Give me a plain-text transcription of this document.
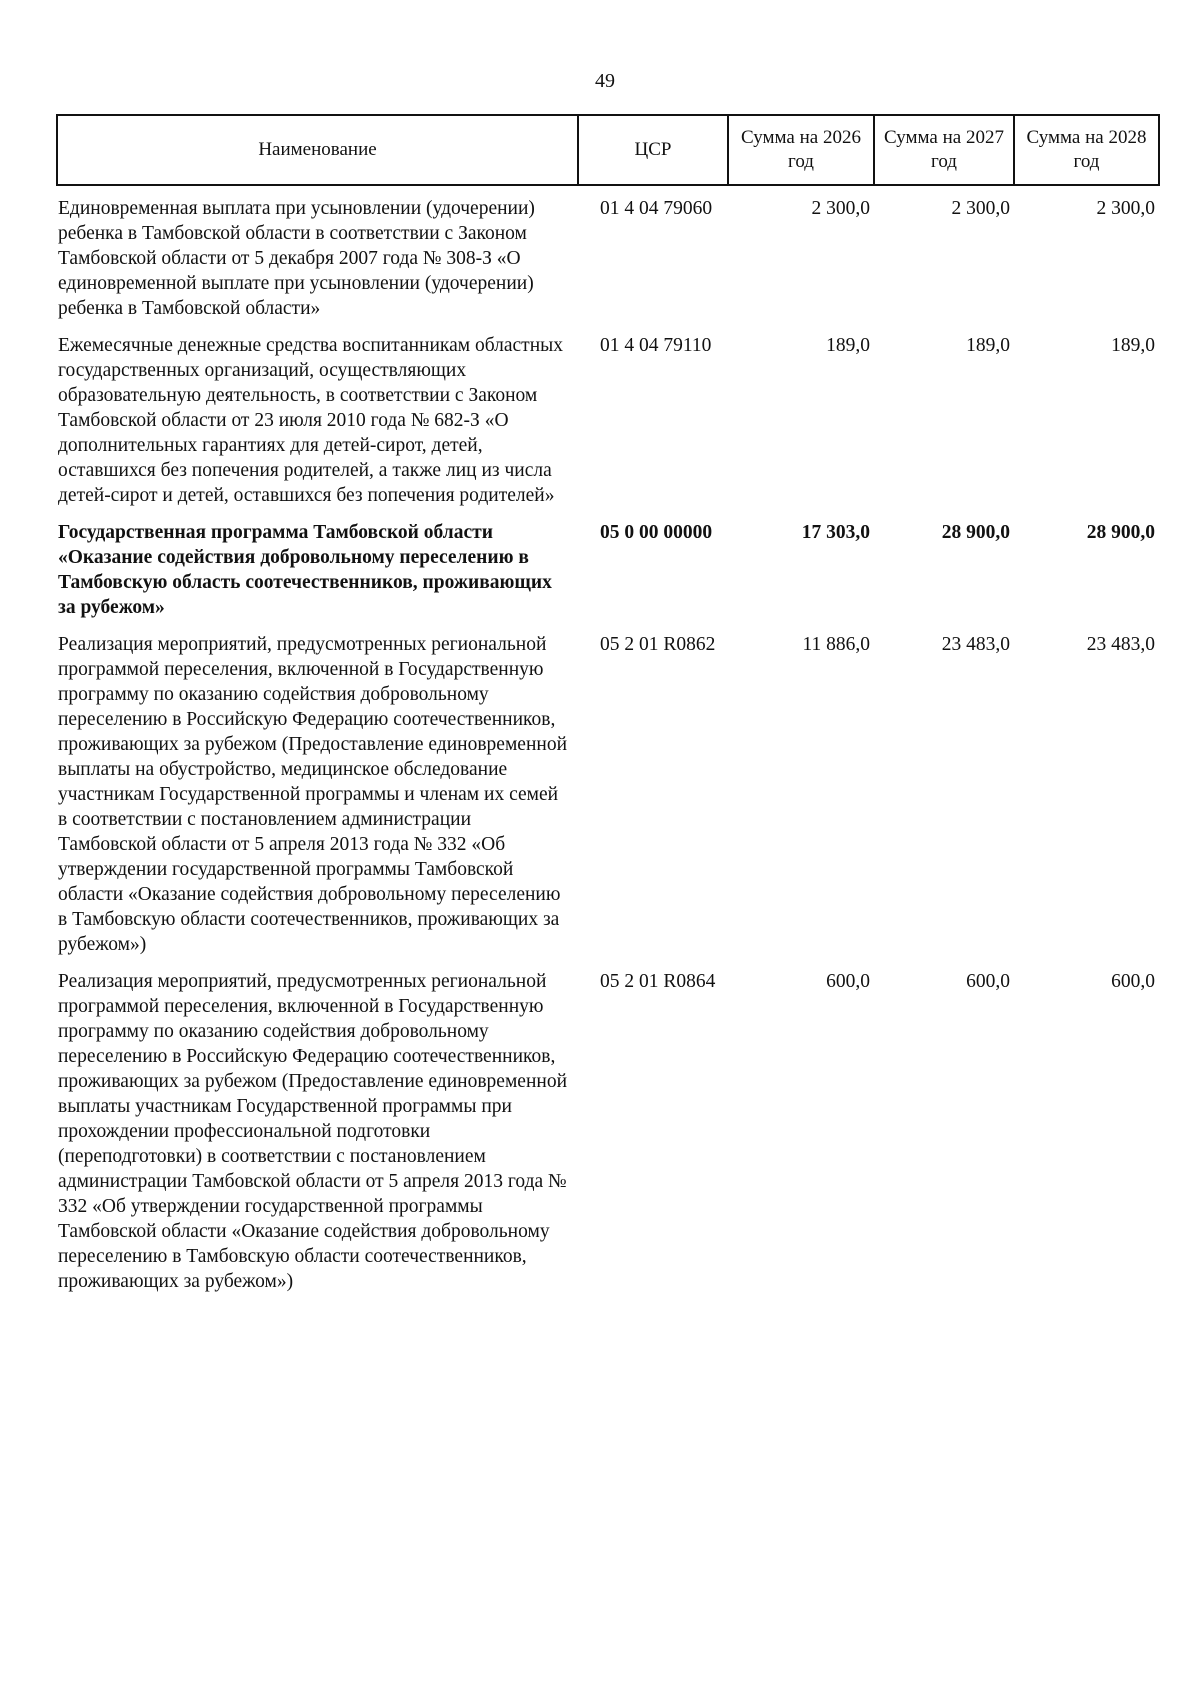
49
Наименование	ЦСР	Сумма на 2026 год	Сумма на 2027 год	Сумма на 2028 год
Единовременная выплата при усыновлении (удочерении) ребенка в Тамбовской области в соответствии с Законом Тамбовской области от 5 декабря 2007 года № 308-З «О единовременной выплате при усыновлении (удочерении) ребенка в Тамбовской области»	01 4 04 79060	2 300,0	2 300,0	2 300,0
Ежемесячные денежные средства воспитанникам областных государственных организаций, осуществляющих образовательную деятельность, в соответствии с Законом Тамбовской области от 23 июля 2010 года № 682-З «О дополнительных гарантиях для детей-сирот, детей, оставшихся без попечения родителей, а также лиц из числа детей-сирот и детей, оставшихся без попечения родителей»	01 4 04 79110	189,0	189,0	189,0
Государственная программа Тамбовской области «Оказание содействия добровольному переселению в Тамбовскую область соотечественников, проживающих за рубежом»	05 0 00 00000	17 303,0	28 900,0	28 900,0
Реализация мероприятий, предусмотренных региональной программой переселения, включенной в Государственную программу по оказанию содействия добровольному переселению в Российскую Федерацию соотечественников, проживающих за рубежом (Предоставление единовременной выплаты на обустройство, медицинское обследование участникам Государственной программы и членам их семей в соответствии с постановлением администрации Тамбовской области от 5 апреля 2013 года № 332 «Об утверждении государственной программы Тамбовской области «Оказание содействия добровольному переселению в Тамбовскую области соотечественников, проживающих за рубежом»)	05 2 01 R0862	11 886,0	23 483,0	23 483,0
Реализация мероприятий, предусмотренных региональной программой переселения, включенной в Государственную программу по оказанию содействия добровольному переселению в Российскую Федерацию соотечественников, проживающих за рубежом (Предоставление единовременной выплаты участникам Государственной программы при прохождении профессиональной подготовки (переподготовки) в соответствии с постановлением администрации Тамбовской области от 5 апреля 2013 года № 332 «Об утверждении государственной программы Тамбовской области «Оказание содействия добровольному переселению в Тамбовскую области соотечественников, проживающих за рубежом»)	05 2 01 R0864	600,0	600,0	600,0
